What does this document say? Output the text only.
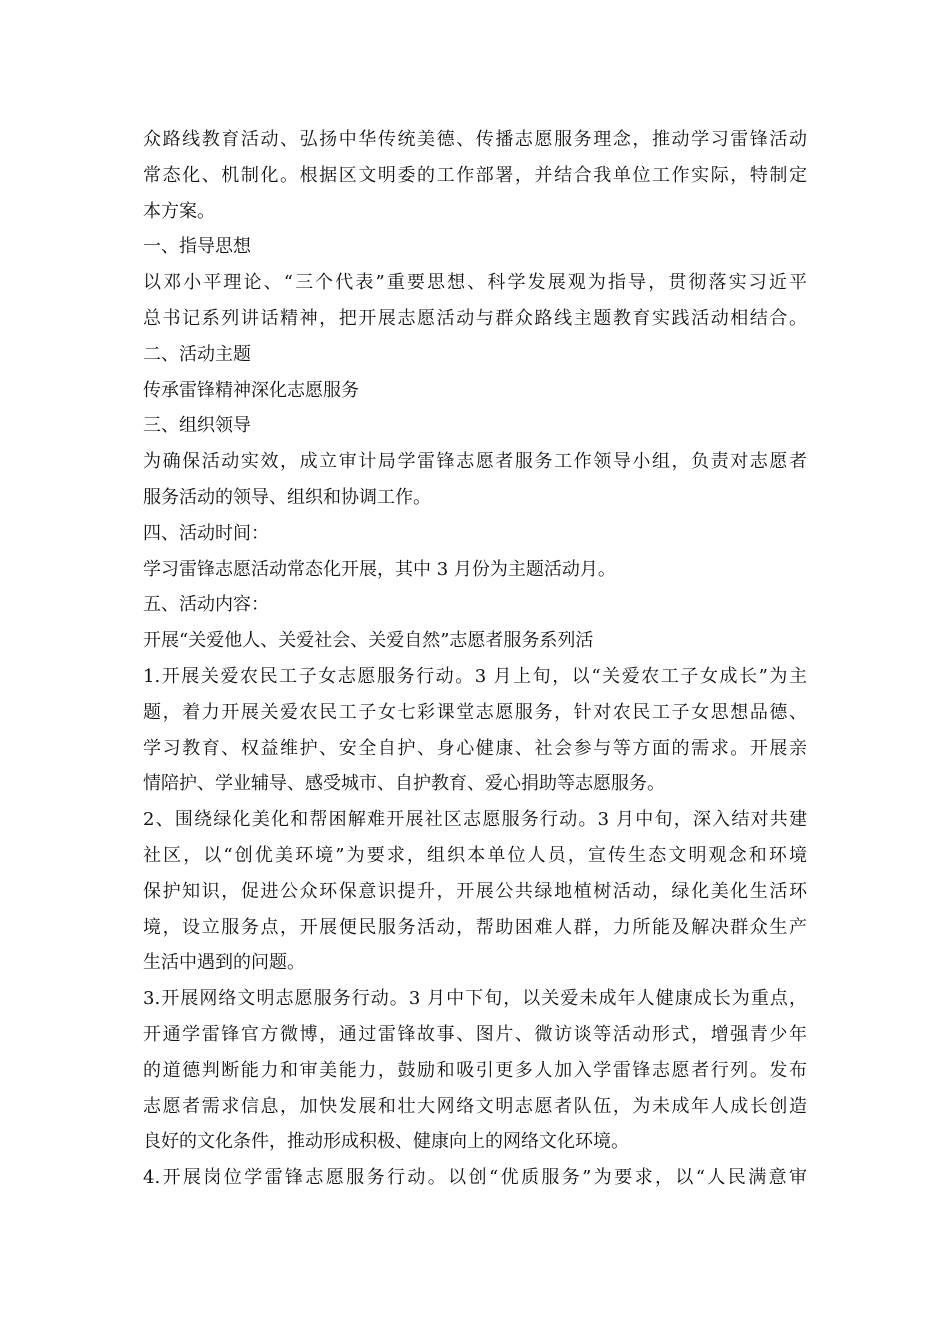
众路线教育活动、弘扬中华传统美德、传播志愿服务理念，推动学习雷锋活动
常态化、机制化。根据区文明委的工作部署，并结合我单位工作实际，特制定
本方案。
一、指导思想
以邓小平理论、“三个代表”重要思想、科学发展观为指导，贯彻落实习近平
总书记系列讲话精神，把开展志愿活动与群众路线主题教育实践活动相结合。
二、活动主题
传承雷锋精神深化志愿服务
三、组织领导
为确保活动实效，成立审计局学雷锋志愿者服务工作领导小组，负责对志愿者
服务活动的领导、组织和协调工作。
四、活动时间：
学习雷锋志愿活动常态化开展，其中 3 月份为主题活动月。
五、活动内容：
开展“关爱他人、关爱社会、关爱自然”志愿者服务系列活
1.开展关爱农民工子女志愿服务行动。3 月上旬，以“关爱农工子女成长”为主
题，着力开展关爱农民工子女七彩课堂志愿服务，针对农民工子女思想品德、
学习教育、权益维护、安全自护、身心健康、社会参与等方面的需求。开展亲
情陪护、学业辅导、感受城市、自护教育、爱心捐助等志愿服务。
2、围绕绿化美化和帮困解难开展社区志愿服务行动。3 月中旬，深入结对共建
社区，以“创优美环境”为要求，组织本单位人员，宣传生态文明观念和环境
保护知识，促进公众环保意识提升，开展公共绿地植树活动，绿化美化生活环
境，设立服务点，开展便民服务活动，帮助困难人群，力所能及解决群众生产
生活中遇到的问题。
3.开展网络文明志愿服务行动。3 月中下旬，以关爱未成年人健康成长为重点，
开通学雷锋官方微博，通过雷锋故事、图片、微访谈等活动形式，增强青少年
的道德判断能力和审美能力，鼓励和吸引更多人加入学雷锋志愿者行列。发布
志愿者需求信息，加快发展和壮大网络文明志愿者队伍，为未成年人成长创造
良好的文化条件，推动形成积极、健康向上的网络文化环境。
4.开展岗位学雷锋志愿服务行动。以创“优质服务”为要求，以“人民满意审
